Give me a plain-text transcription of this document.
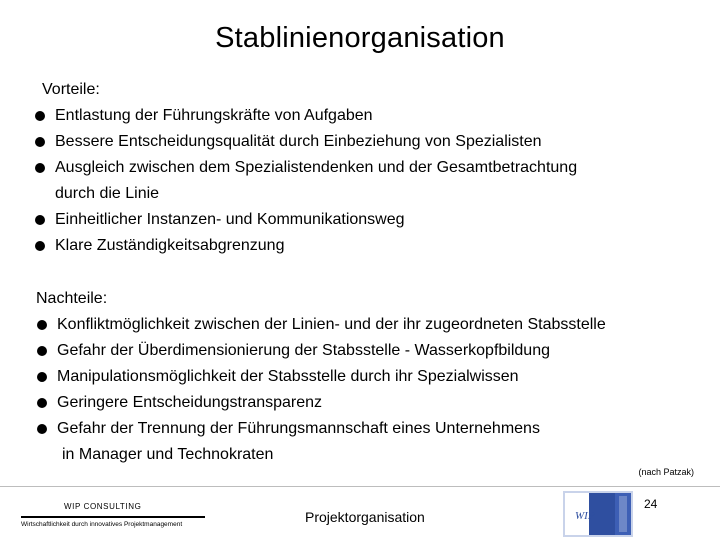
Stablinienorganisation
Vorteile:
Entlastung der Führungskräfte von Aufgaben
Bessere Entscheidungsqualität durch Einbeziehung von Spezialisten
Ausgleich zwischen dem Spezialistendenken und der Gesamtbetrachtung
durch die Linie
Einheitlicher Instanzen- und Kommunikationsweg
Klare Zuständigkeitsabgrenzung
Nachteile:
Konfliktmöglichkeit zwischen der Linien- und der ihr zugeordneten Stabsstelle
Gefahr der Überdimensionierung der Stabsstelle - Wasserkopfbildung
Manipulationsmöglichkeit der Stabsstelle durch ihr Spezialwissen
Geringere Entscheidungstransparenz
Gefahr der Trennung der Führungsmannschaft eines Unternehmens
in Manager und Technokraten
(nach Patzak)
WIP CONSULTING
Wirtschaftlichkeit durch innovatives Projektmanagement	Projektorganisation
24
WIP
